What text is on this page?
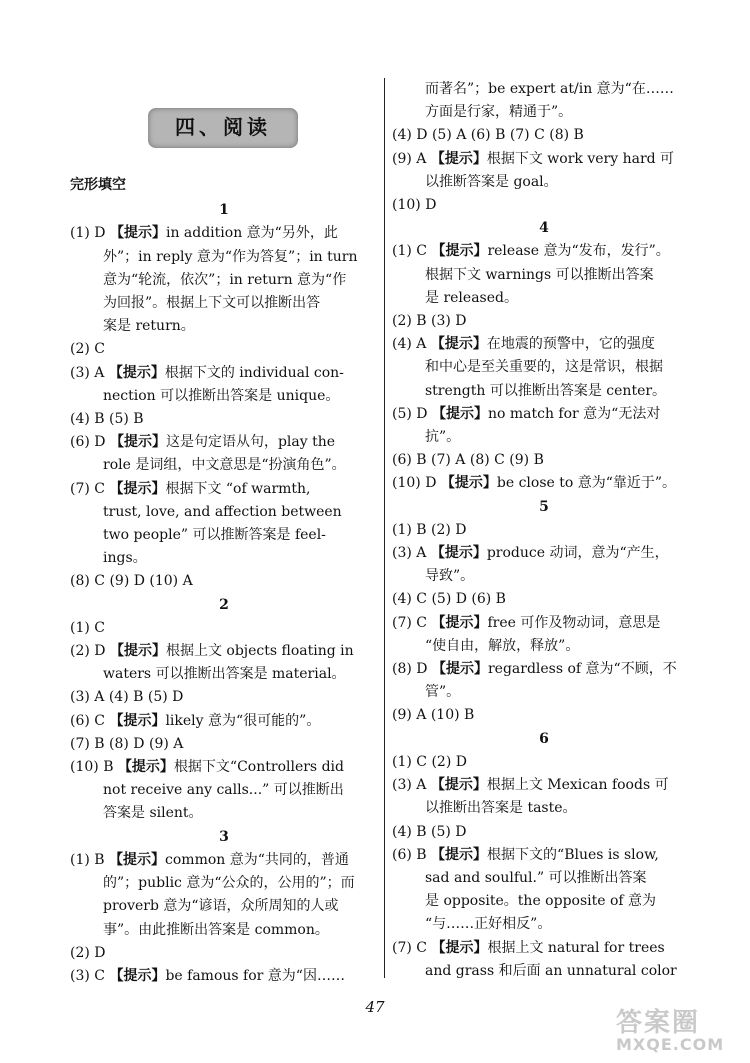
四、阅读
完形填空
1
(1) D 【提示】in addition 意为“另外，此
外”；in reply 意为“作为答复”；in turn
意为“轮流，依次”；in return 意为“作
为回报”。根据上下文可以推断出答
案是 return。
(2) C
(3) A 【提示】根据下文的 individual con-
nection 可以推断出答案是 unique。
(4) B (5) B
(6) D 【提示】这是句定语从句，play the
role 是词组，中文意思是“扮演角色”。
(7) C 【提示】根据下文 “of warmth,
trust, love, and affection between
two people” 可以推断答案是 feel-
ings。
(8) C (9) D (10) A
2
(1) C
(2) D 【提示】根据上文 objects floating in
waters 可以推断出答案是 material。
(3) A (4) B (5) D
(6) C 【提示】likely 意为“很可能的”。
(7) B (8) D (9) A
(10) B 【提示】根据下文“Controllers did
not receive any calls...” 可以推断出
答案是 silent。
3
(1) B 【提示】common 意为“共同的，普通
的”；public 意为“公众的，公用的”；而
proverb 意为“谚语，众所周知的人或
事”。由此推断出答案是 common。
(2) D
(3) C 【提示】be famous for 意为“因……
而著名”；be expert at/in 意为“在……
方面是行家，精通于”。
(4) D (5) A (6) B (7) C (8) B
(9) A 【提示】根据下文 work very hard 可
以推断答案是 goal。
(10) D
4
(1) C 【提示】release 意为“发布，发行”。
根据下文 warnings 可以推断出答案
是 released。
(2) B (3) D
(4) A 【提示】在地震的预警中，它的强度
和中心是至关重要的，这是常识，根据
strength 可以推断出答案是 center。
(5) D 【提示】no match for 意为“无法对
抗”。
(6) B (7) A (8) C (9) B
(10) D 【提示】be close to 意为“靠近于”。
5
(1) B (2) D
(3) A 【提示】produce 动词，意为“产生，
导致”。
(4) C (5) D (6) B
(7) C 【提示】free 可作及物动词，意思是
“使自由，解放，释放”。
(8) D 【提示】regardless of 意为“不顾，不
管”。
(9) A (10) B
6
(1) C (2) D
(3) A 【提示】根据上文 Mexican foods 可
以推断出答案是 taste。
(4) B (5) D
(6) B 【提示】根据下文的“Blues is slow,
sad and soulful.” 可以推断出答案
是 opposite。the opposite of 意为
“与……正好相反”。
(7) C 【提示】根据上文 natural for trees
and grass 和后面 an unnatural color
47
答案圈
MXQE.COM
